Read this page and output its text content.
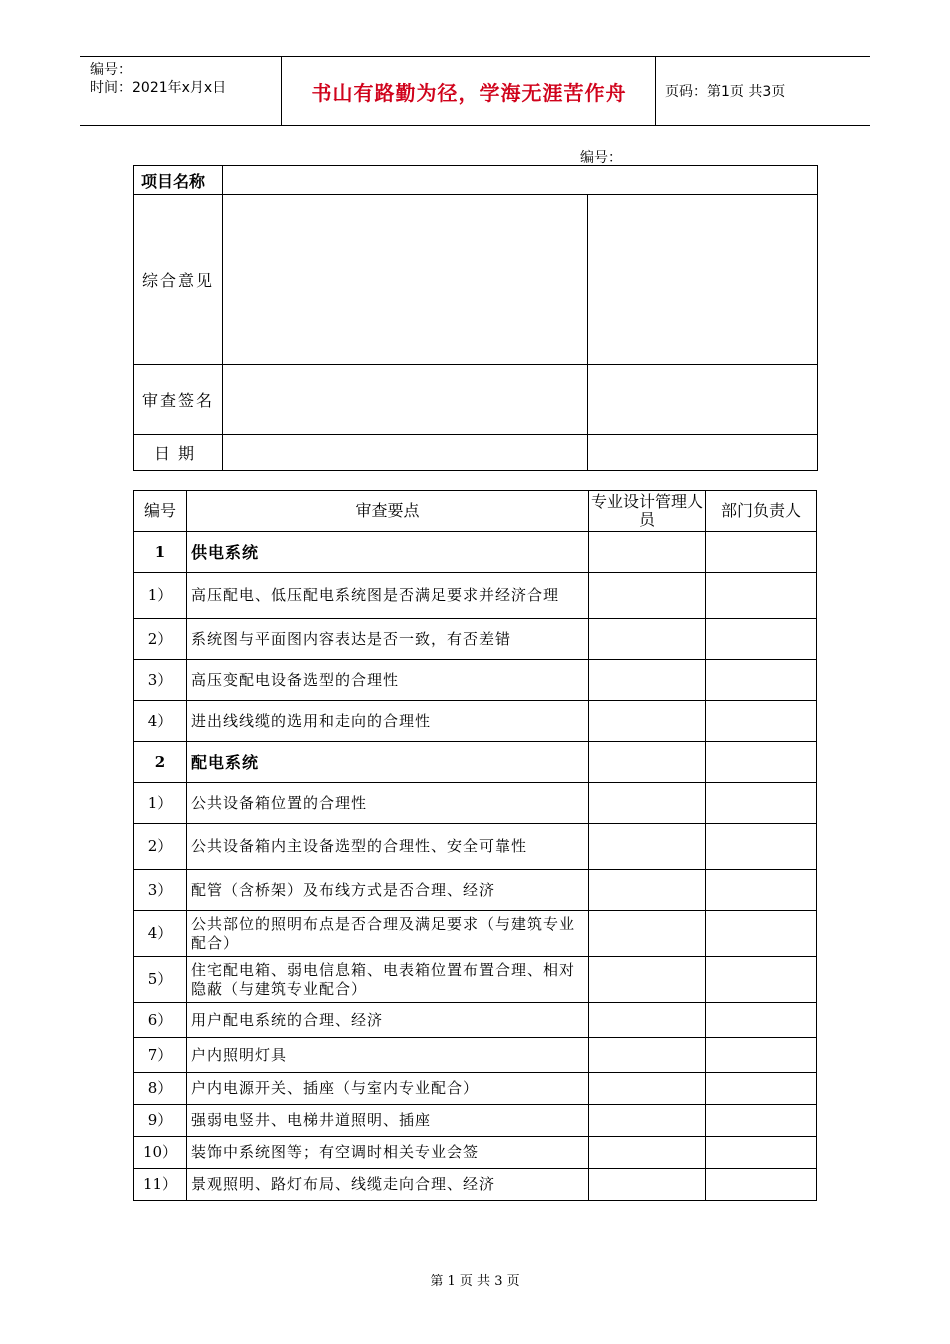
编号：
时间：2021年x月x日	书山有路勤为径，学海无涯苦作舟	页码：第1页 共3页
编号：
项目名称		
综合意见		
审查签名		
日期		
编号	审查要点	专业设计管理人员	部门负责人
1	供电系统		
1）	高压配电、低压配电系统图是否满足要求并经济合理		
2）	系统图与平面图内容表达是否一致，有否差错		
3）	高压变配电设备选型的合理性		
4）	进出线线缆的选用和走向的合理性		
2	配电系统		
1）	公共设备箱位置的合理性		
2）	公共设备箱内主设备选型的合理性、安全可靠性		
3）	配管（含桥架）及布线方式是否合理、经济		
4）	公共部位的照明布点是否合理及满足要求（与建筑专业配合）		
5）	住宅配电箱、弱电信息箱、电表箱位置布置合理、相对隐蔽（与建筑专业配合）		
6）	用户配电系统的合理、经济		
7）	户内照明灯具		
8）	户内电源开关、插座（与室内专业配合）		
9）	强弱电竖井、电梯井道照明、插座		
10）	装饰中系统图等；有空调时相关专业会签		
11）	景观照明、路灯布局、线缆走向合理、经济		
第 1 页 共 3 页
